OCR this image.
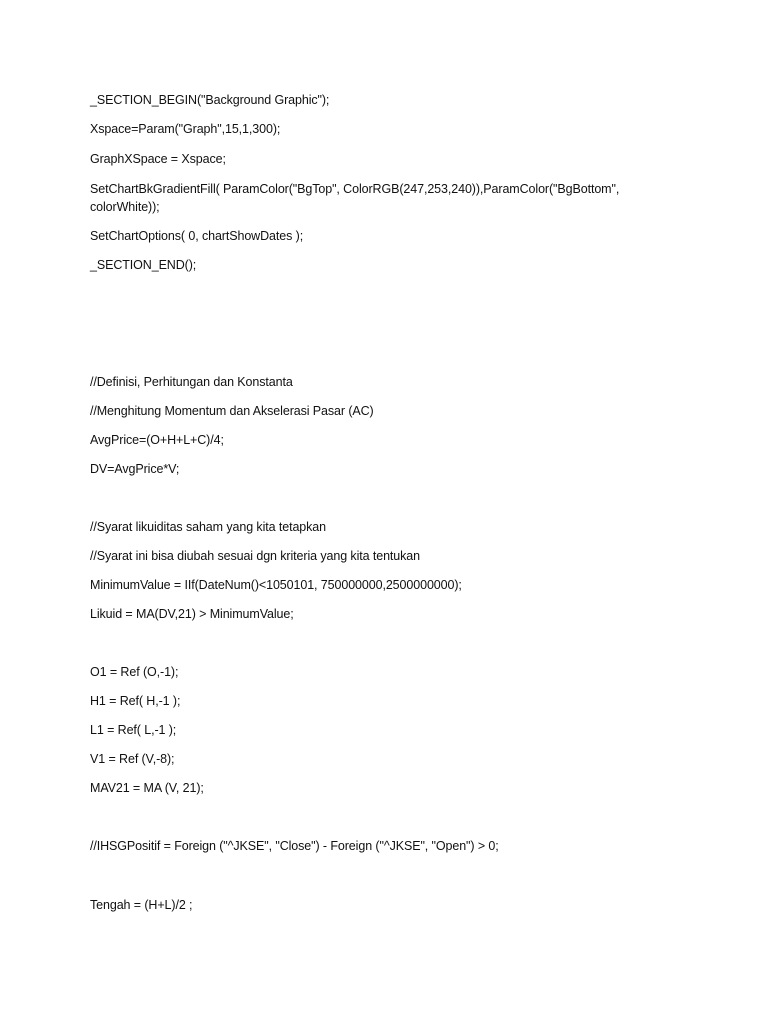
_SECTION_BEGIN("Background Graphic");
Xspace=Param("Graph",15,1,300);
GraphXSpace = Xspace;
SetChartBkGradientFill( ParamColor("BgTop", ColorRGB(247,253,240)),ParamColor("BgBottom",
colorWhite));
SetChartOptions( 0, chartShowDates );
_SECTION_END();
//Definisi, Perhitungan dan Konstanta
//Menghitung Momentum dan Akselerasi Pasar (AC)
AvgPrice=(O+H+L+C)/4;
DV=AvgPrice*V;
//Syarat likuiditas saham yang kita tetapkan
//Syarat ini bisa diubah sesuai dgn kriteria yang kita tentukan
MinimumValue = IIf(DateNum()<1050101, 750000000,2500000000);
Likuid = MA(DV,21) > MinimumValue;
O1 = Ref (O,-1);
H1 = Ref( H,-1 );
L1 = Ref( L,-1 );
V1 = Ref (V,-8);
MAV21 = MA (V, 21);
//IHSGPositif = Foreign ("^JKSE", "Close") - Foreign ("^JKSE", "Open") > 0;
Tengah = (H+L)/2 ;
